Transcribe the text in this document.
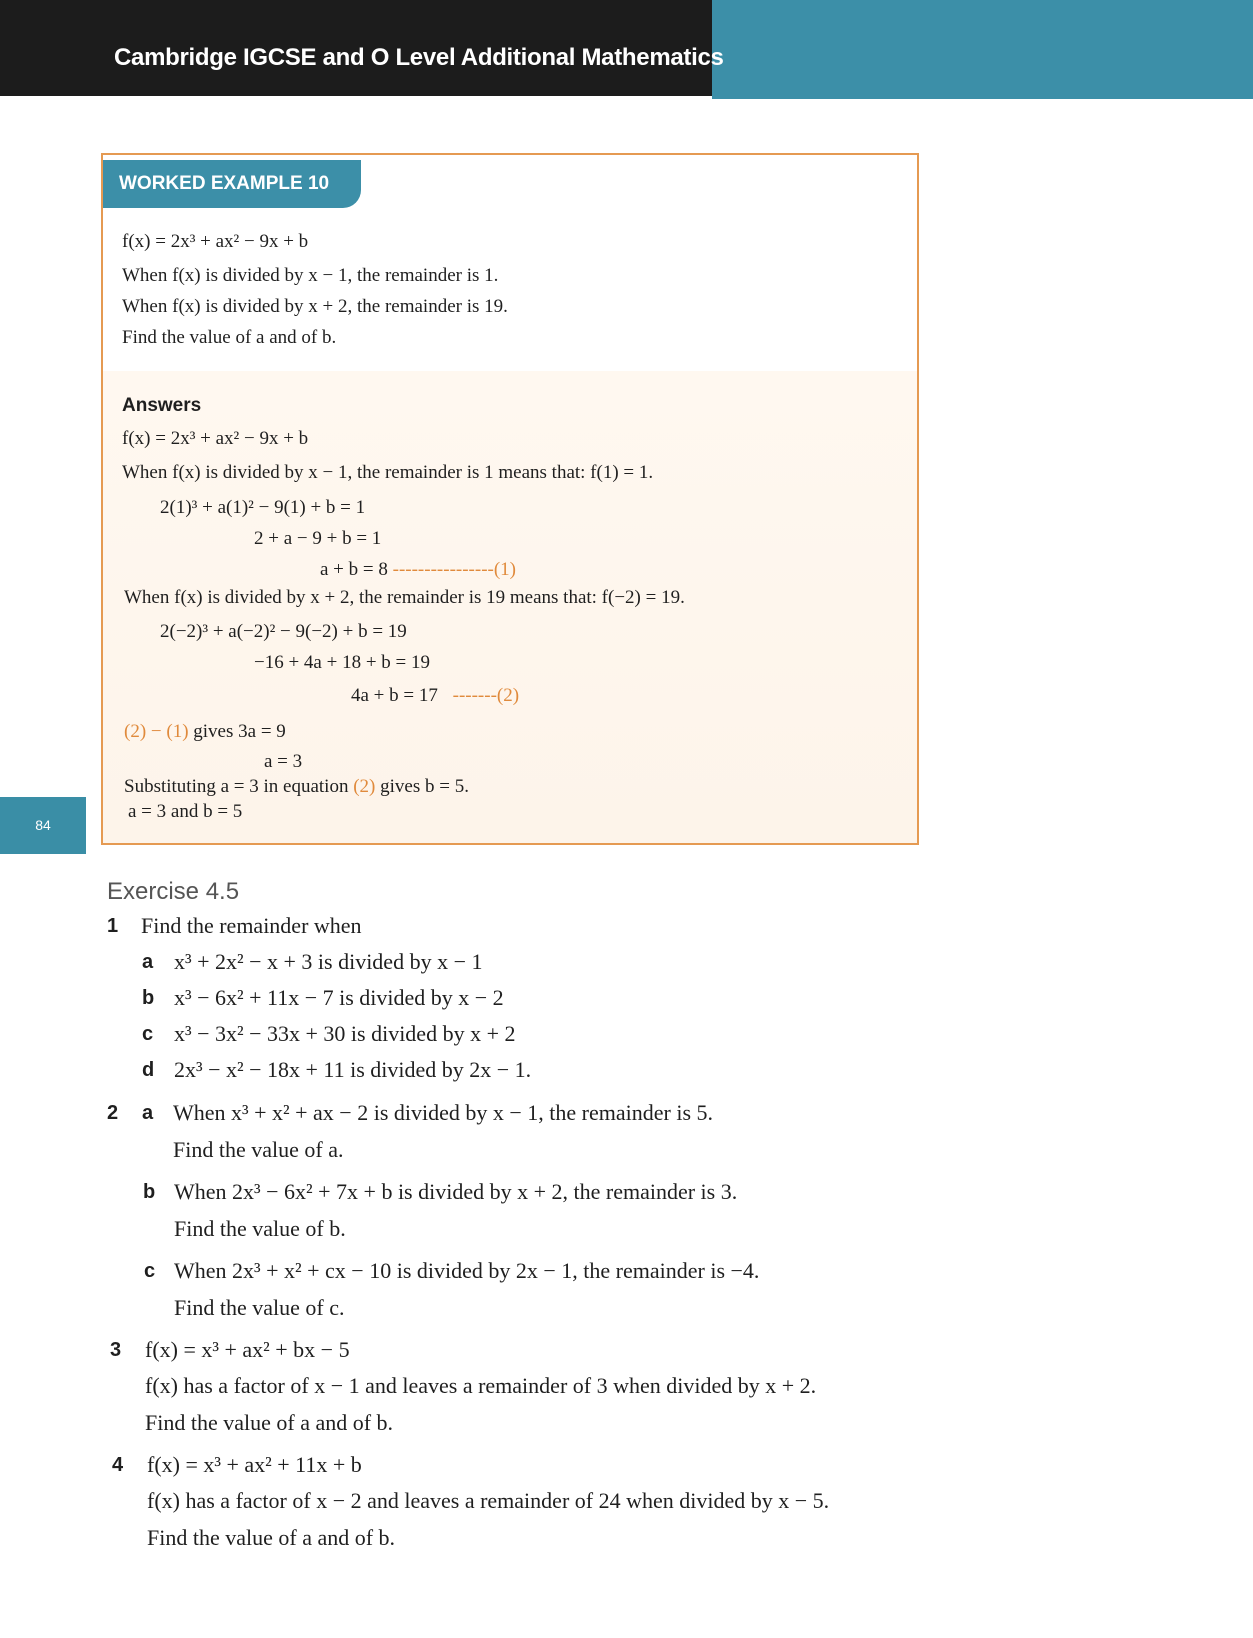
Cambridge IGCSE and O Level Additional Mathematics
84
WORKED EXAMPLE 10
f(x) = 2x³ + ax² − 9x + b
When f(x) is divided by x − 1, the remainder is 1.
When f(x) is divided by x + 2, the remainder is 19.
Find the value of a and of b.
Answers
f(x) = 2x³ + ax² − 9x + b
When f(x) is divided by x − 1, the remainder is 1 means that: f(1) = 1.
2(1)³ + a(1)² − 9(1) + b = 1
2 + a − 9 + b = 1
a + b = 8 ----------------(1)
When f(x) is divided by x + 2, the remainder is 19 means that: f(−2) = 19.
2(−2)³ + a(−2)² − 9(−2) + b = 19
−16 + 4a + 18 + b = 19
4a + b = 17 -------(2)
(2) − (1) gives 3a = 9
a = 3
Substituting a = 3 in equation (2) gives b = 5.
a = 3 and b = 5
Exercise 4.5
1 Find the remainder when
a x³ + 2x² − x + 3 is divided by x − 1
b x³ − 6x² + 11x − 7 is divided by x − 2
c x³ − 3x² − 33x + 30 is divided by x + 2
d 2x³ − x² − 18x + 11 is divided by 2x − 1.
2 a When x³ + x² + ax − 2 is divided by x − 1, the remainder is 5.
Find the value of a.
b When 2x³ − 6x² + 7x + b is divided by x + 2, the remainder is 3.
Find the value of b.
c When 2x³ + x² + cx − 10 is divided by 2x − 1, the remainder is −4.
Find the value of c.
3 f(x) = x³ + ax² + bx − 5
f(x) has a factor of x − 1 and leaves a remainder of 3 when divided by x + 2.
Find the value of a and of b.
4 f(x) = x³ + ax² + 11x + b
f(x) has a factor of x − 2 and leaves a remainder of 24 when divided by x − 5.
Find the value of a and of b.
